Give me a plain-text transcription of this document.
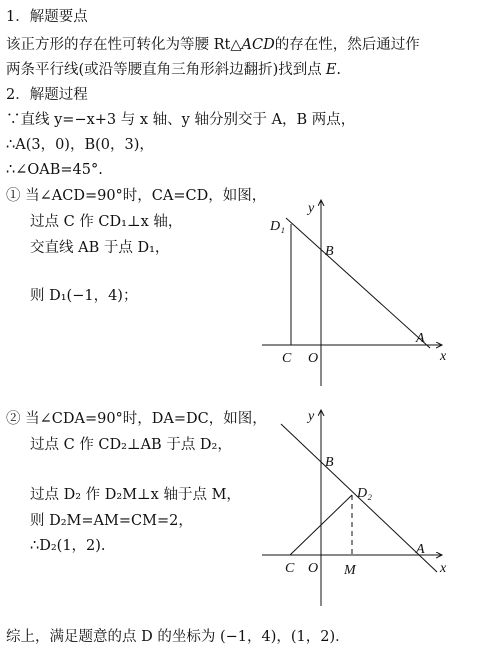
1．解题要点
该正方形的存在性可转化为等腰 Rt△ACD的存在性，然后通过作
两条平行线(或沿等腰直角三角形斜边翻折)找到点 E.
2．解题过程
∵直线 y=−x+3 与 x 轴、y 轴分别交于 A，B 两点，
∴A(3，0)，B(0，3)，
∴∠OAB=45°.
① 当∠ACD=90°时，CA=CD，如图，
过点 C 作 CD₁⊥x 轴，
交直线 AB 于点 D₁，
则 D₁(−1，4)；
② 当∠CDA=90°时，DA=DC，如图，
过点 C 作 CD₂⊥AB 于点 D₂，
过点 D₂ 作 D₂M⊥x 轴于点 M，
则 D₂M=AM=CM=2，
∴D₂(1，2).
综上，满足题意的点 D 的坐标为 (−1，4)，(1，2)．
D₁
B
A
C O	x
y
D₂
B
A
C O M	x
y
